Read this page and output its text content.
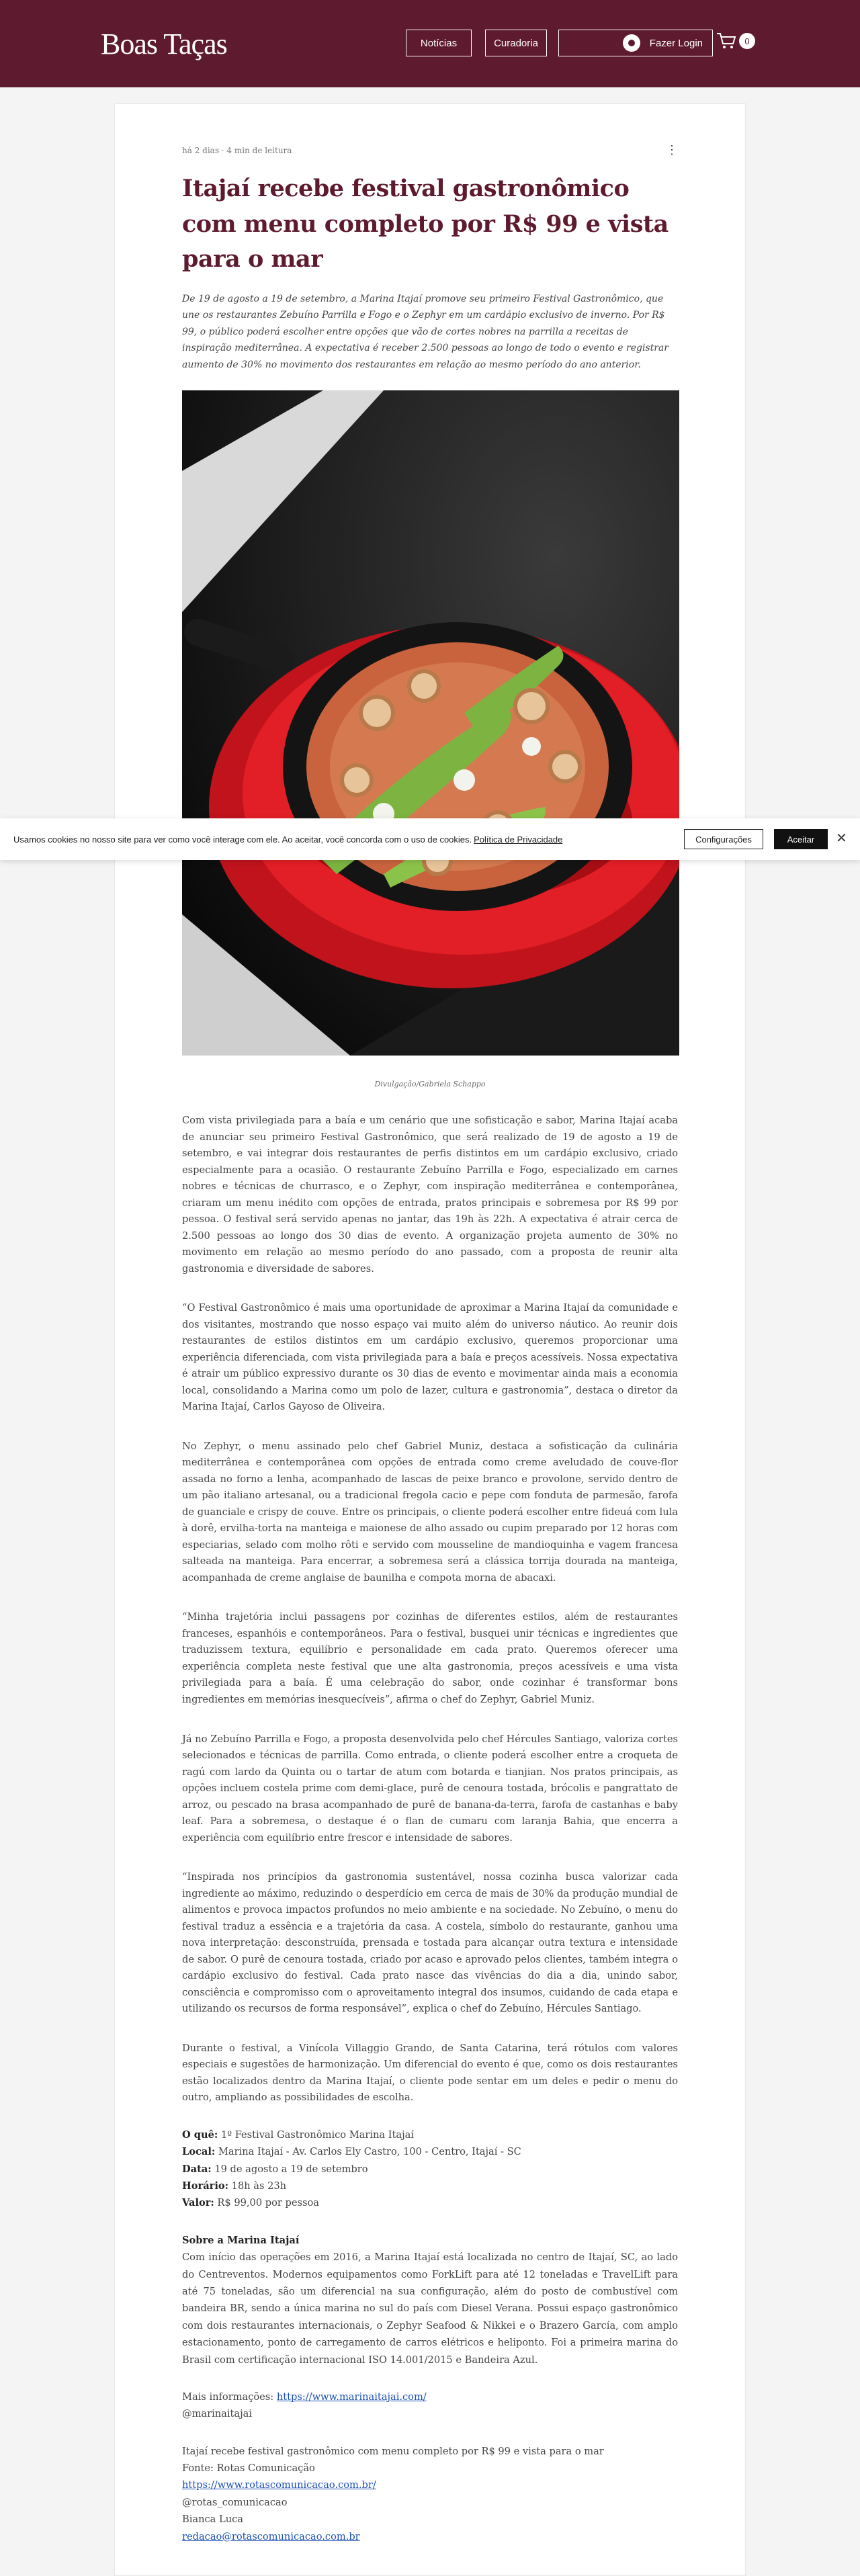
Boas Taças	Notícias	Curadoria	Fazer Login	0
há 2 dias · 4 min de leitura	⋮
Itajaí recebe festival gastronômico com menu completo por R$ 99 e vista para o mar

De 19 de agosto a 19 de setembro, a Marina Itajaí promove seu primeiro Festival Gastronômico, que une os restaurantes Zebuíno Parrilla e Fogo e o Zephyr em um cardápio exclusivo de inverno. Por R$ 99, o público poderá escolher entre opções que vão de cortes nobres na parrilla a receitas de inspiração mediterrânea. A expectativa é receber 2.500 pessoas ao longo de todo o evento e registrar aumento de 30% no movimento dos restaurantes em relação ao mesmo período do ano anterior.

Divulgação/Gabriela Schappo

Com vista privilegiada para a baía e um cenário que une sofisticação e sabor, Marina Itajaí acaba de anunciar seu primeiro Festival Gastronômico, que será realizado de 19 de agosto a 19 de setembro, e vai integrar dois restaurantes de perfis distintos em um cardápio exclusivo, criado especialmente para a ocasião. O restaurante Zebuíno Parrilla e Fogo, especializado em carnes nobres e técnicas de churrasco, e o Zephyr, com inspiração mediterrânea e contemporânea, criaram um menu inédito com opções de entrada, pratos principais e sobremesa por R$ 99 por pessoa. O festival será servido apenas no jantar, das 19h às 22h. A expectativa é atrair cerca de 2.500 pessoas ao longo dos 30 dias de evento. A organização projeta aumento de 30% no movimento em relação ao mesmo período do ano passado, com a proposta de reunir alta gastronomia e diversidade de sabores.

“O Festival Gastronômico é mais uma oportunidade de aproximar a Marina Itajaí da comunidade e dos visitantes, mostrando que nosso espaço vai muito além do universo náutico. Ao reunir dois restaurantes de estilos distintos em um cardápio exclusivo, queremos proporcionar uma experiência diferenciada, com vista privilegiada para a baía e preços acessíveis. Nossa expectativa é atrair um público expressivo durante os 30 dias de evento e movimentar ainda mais a economia local, consolidando a Marina como um polo de lazer, cultura e gastronomia”, destaca o diretor da Marina Itajaí, Carlos Gayoso de Oliveira.

No Zephyr, o menu assinado pelo chef Gabriel Muniz, destaca a sofisticação da culinária mediterrânea e contemporânea com opções de entrada como creme aveludado de couve-flor assada no forno a lenha, acompanhado de lascas de peixe branco e provolone, servido dentro de um pão italiano artesanal, ou a tradicional fregola cacio e pepe com fonduta de parmesão, farofa de guanciale e crispy de couve. Entre os principais, o cliente poderá escolher entre fideuá com lula à dorê, ervilha-torta na manteiga e maionese de alho assado ou cupim preparado por 12 horas com especiarias, selado com molho rôti e servido com mousseline de mandioquinha e vagem francesa salteada na manteiga. Para encerrar, a sobremesa será a clássica torrija dourada na manteiga, acompanhada de creme anglaise de baunilha e compota morna de abacaxi.

“Minha trajetória inclui passagens por cozinhas de diferentes estilos, além de restaurantes franceses, espanhóis e contemporâneos. Para o festival, busquei unir técnicas e ingredientes que traduzissem textura, equilíbrio e personalidade em cada prato. Queremos oferecer uma experiência completa neste festival que une alta gastronomia, preços acessíveis e uma vista privilegiada para a baía. É uma celebração do sabor, onde cozinhar é transformar bons ingredientes em memórias inesquecíveis”, afirma o chef do Zephyr, Gabriel Muniz.

Já no Zebuíno Parrilla e Fogo, a proposta desenvolvida pelo chef Hércules Santiago, valoriza cortes selecionados e técnicas de parrilla. Como entrada, o cliente poderá escolher entre a croqueta de ragú com lardo da Quinta ou o tartar de atum com botarda e tianjian. Nos pratos principais, as opções incluem costela prime com demi-glace, purê de cenoura tostada, brócolis e pangrattato de arroz, ou pescado na brasa acompanhado de purê de banana-da-terra, farofa de castanhas e baby leaf. Para a sobremesa, o destaque é o flan de cumaru com laranja Bahia, que encerra a experiência com equilíbrio entre frescor e intensidade de sabores.

“Inspirada nos princípios da gastronomia sustentável, nossa cozinha busca valorizar cada ingrediente ao máximo, reduzindo o desperdício em cerca de mais de 30% da produção mundial de alimentos e provoca impactos profundos no meio ambiente e na sociedade. No Zebuíno, o menu do festival traduz a essência e a trajetória da casa. A costela, símbolo do restaurante, ganhou uma nova interpretação: desconstruída, prensada e tostada para alcançar outra textura e intensidade de sabor. O purê de cenoura tostada, criado por acaso e aprovado pelos clientes, também integra o cardápio exclusivo do festival. Cada prato nasce das vivências do dia a dia, unindo sabor, consciência e compromisso com o aproveitamento integral dos insumos, cuidando de cada etapa e utilizando os recursos de forma responsável”, explica o chef do Zebuíno, Hércules Santiago.

Durante o festival, a Vinícola Villaggio Grando, de Santa Catarina, terá rótulos com valores especiais e sugestões de harmonização. Um diferencial do evento é que, como os dois restaurantes estão localizados dentro da Marina Itajaí, o cliente pode sentar em um deles e pedir o menu do outro, ampliando as possibilidades de escolha.

O quê: 1º Festival Gastronômico Marina Itajaí
Local: Marina Itajaí - Av. Carlos Ely Castro, 100 - Centro, Itajaí - SC
Data: 19 de agosto a 19 de setembro
Horário: 18h às 23h
Valor: R$ 99,00 por pessoa
Sobre a Marina Itajaí
Com início das operações em 2016, a Marina Itajaí está localizada no centro de Itajaí, SC, ao lado do Centreventos. Modernos equipamentos como ForkLift para até 12 toneladas e TravelLift para até 75 toneladas, são um diferencial na sua configuração, além do posto de combustível com bandeira BR, sendo a única marina no sul do país com Diesel Verana. Possui espaço gastronômico com dois restaurantes internacionais, o Zephyr Seafood & Nikkei e o Brazero García, com amplo estacionamento, ponto de carregamento de carros elétricos e heliponto. Foi a primeira marina do Brasil com certificação internacional ISO 14.001/2015 e Bandeira Azul.
Mais informações: https://www.marinaitajai.com/
@marinaitajai
Itajaí recebe festival gastronômico com menu completo por R$ 99 e vista para o mar
Fonte: Rotas Comunicação
https://www.rotascomunicacao.com.br/
@rotas_comunicacao
Bianca Luca
redacao@rotascomunicacao.com.br
Usamos cookies no nosso site para ver como você interage com ele. Ao aceitar, você concorda com o uso de cookies. Política de Privacidade	Configurações	Aceitar	✕
